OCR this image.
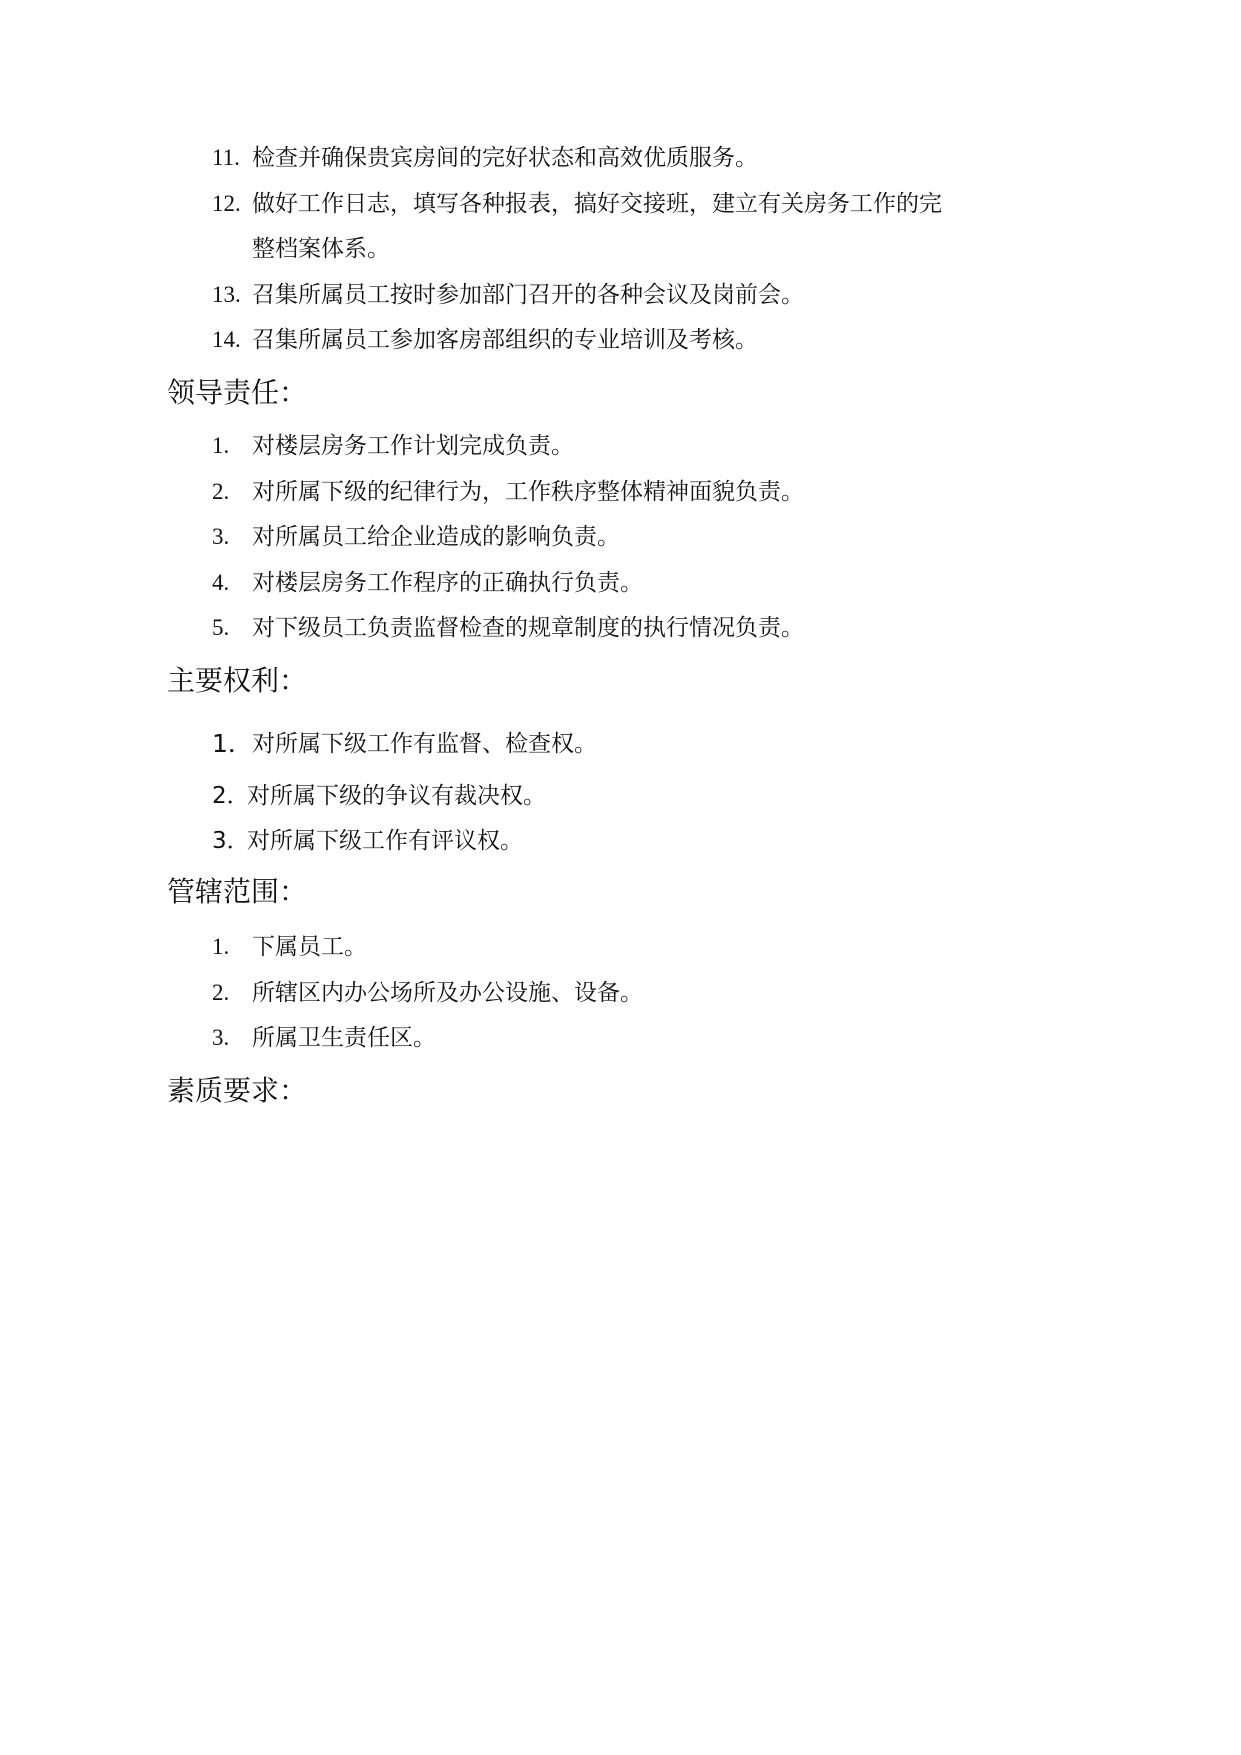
11. 检查并确保贵宾房间的完好状态和高效优质服务。
12. 做好工作日志，填写各种报表，搞好交接班，建立有关房务工作的完
整档案体系。
13. 召集所属员工按时参加部门召开的各种会议及岗前会。
14. 召集所属员工参加客房部组织的专业培训及考核。
领导责任：
1. 对楼层房务工作计划完成负责。
2. 对所属下级的纪律行为，工作秩序整体精神面貌负责。
3. 对所属员工给企业造成的影响负责。
4. 对楼层房务工作程序的正确执行负责。
5. 对下级员工负责监督检查的规章制度的执行情况负责。
主要权利：
1． 对所属下级工作有监督、检查权。
2．
对所属下级的争议有裁决权。
3．
对所属下级工作有评议权。
管辖范围：
1. 下属员工。
2. 所辖区内办公场所及办公设施、设备。
3. 所属卫生责任区。
素质要求：
